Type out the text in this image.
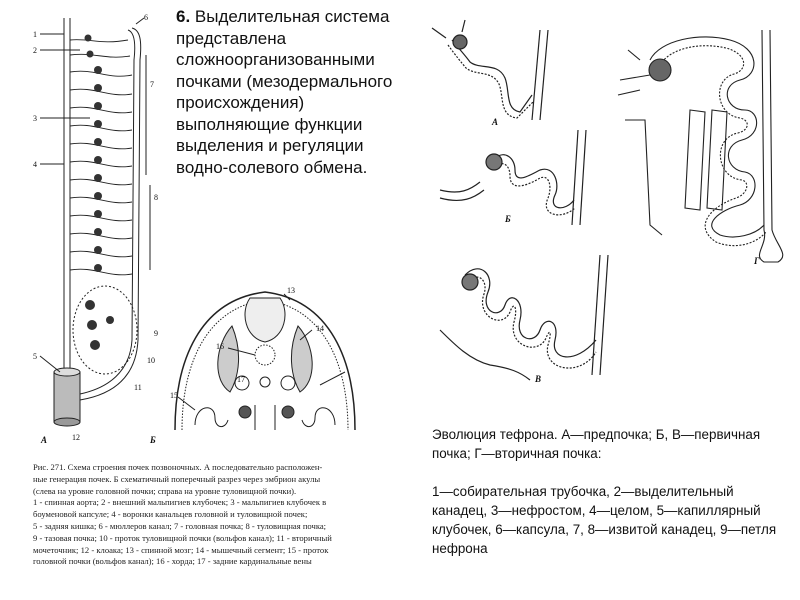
1
2
3
4
5
6
7
8
9
10
11
12
А
13
14
15
16
17
Б
А
Б
В
Г
6. Выделительная система
представлена
сложноорганизованными
почками (мезодермального
происхождения)
выполняющие функции
выделения и регуляции
водно-солевого обмена.

Эволюция тефрона. А—предпочка; Б, В—первичная почка; Г—вторичная почка:

1—собирательная трубочка, 2—выделительный канадец, 3—нефростом, 4—целом, 5—капиллярный клубочек, 6—капсула, 7, 8—извитой канадец, 9—петля нефрона

Рис. 271. Схема строения почек позвоночных. А последовательно расположен-
ные генерация почек. Б схематичный поперечный разрез через эмбрион акулы
(слева на уровне головной почки; справа на уровне туловищной почки).
1 - спинная аорта; 2 - внешний мальпигиев клубочек; 3 - мальпигиев клубочек в
боуменовой капсуле; 4 - воронки канальцев головной и туловищной почек;
5 - задняя кишка; 6 - мюллеров канал; 7 - головная почка; 8 - туловищная почка;
9 - тазовая почка; 10 - проток туловищной почки (вольфов канал); 11 - вторичный
мочеточник; 12 - клоака; 13 - спинной мозг; 14 - мышечный сегмент; 15 - проток
головной почки (вольфов канал); 16 - хорда; 17 - задние кардинальные вены
